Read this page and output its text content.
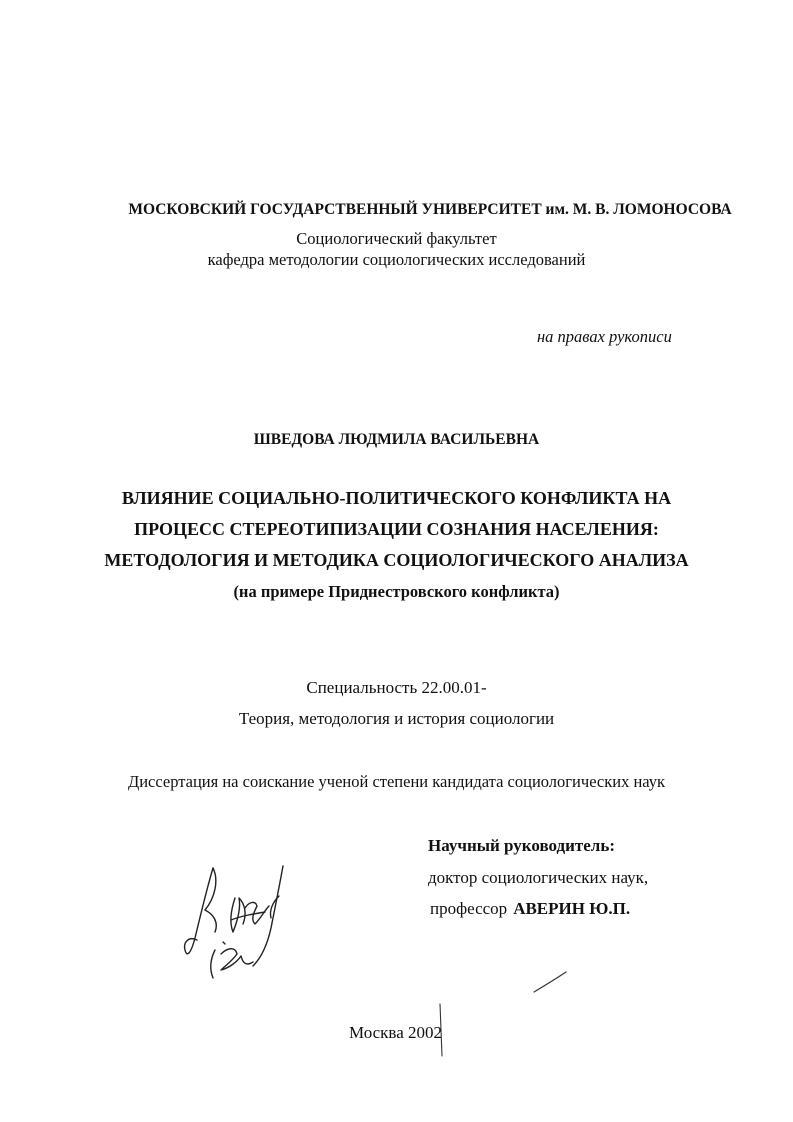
МОСКОВСКИЙ ГОСУДАРСТВЕННЫЙ УНИВЕРСИТЕТ им. М. В. ЛОМОНОСОВА
Социологический факультет
кафедра методологии социологических исследований
на правах рукописи
ШВЕДОВА ЛЮДМИЛА ВАСИЛЬЕВНА
ВЛИЯНИЕ СОЦИАЛЬНО-ПОЛИТИЧЕСКОГО КОНФЛИКТА НА
ПРОЦЕСС СТЕРЕОТИПИЗАЦИИ СОЗНАНИЯ НАСЕЛЕНИЯ:
МЕТОДОЛОГИЯ И МЕТОДИКА СОЦИОЛОГИЧЕСКОГО АНАЛИЗА
(на примере Приднестровского конфликта)
Специальность 22.00.01-
Теория, методология и история социологии
Диссертация на соискание ученой степени кандидата социологических наук
Научный руководитель:
доктор социологических наук,
профессор АВЕРИН Ю.П.
Москва 2002
